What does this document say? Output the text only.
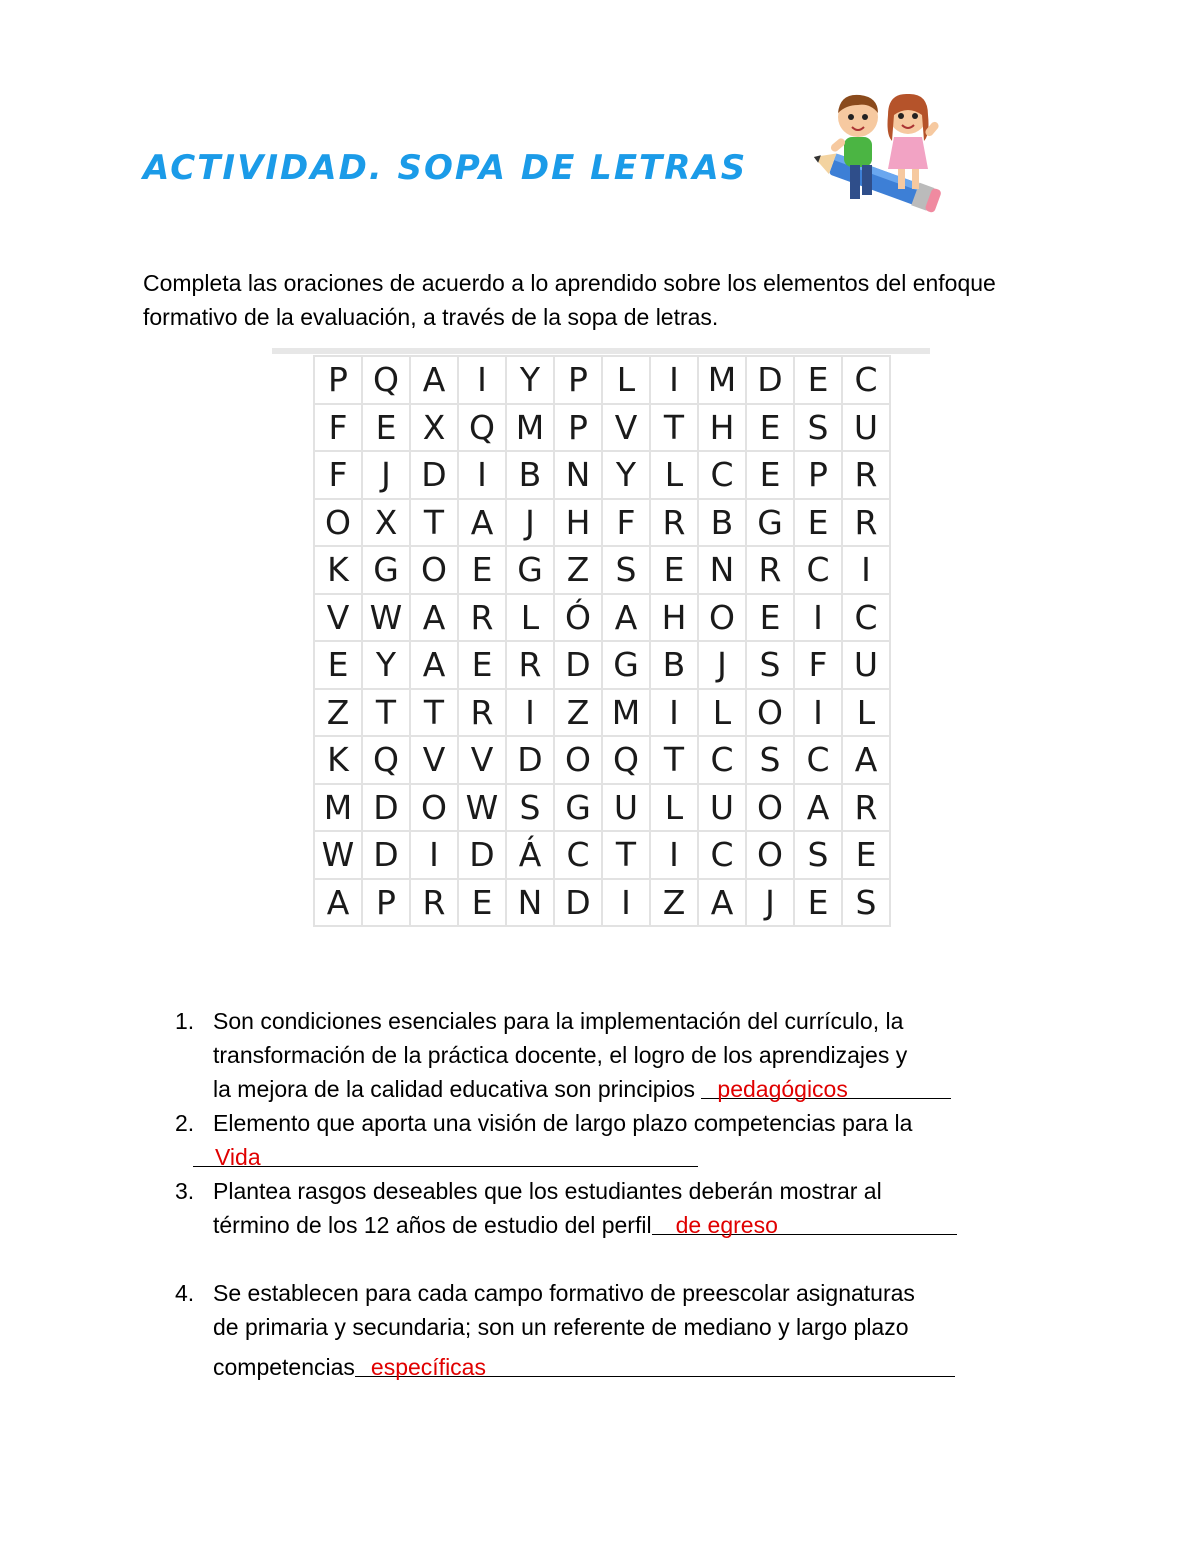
ACTIVIDAD. SOPA DE LETRAS

Completa las oraciones de acuerdo a lo aprendido sobre los elementos del enfoque formativo de la evaluación, a través de la sopa de letras.

P Q A I	Y P L	I M D E C
F E X Q M P V T H E S U
F	J D I B N Y L C E P R
O X T A J H F R B G E R
K G O E G Z S E N R C I
V W A R L Ó A H O E I C
E Y A E R D G B J S F U
Z T T R I Z M I	L O I	L
K Q V V D O Q T C S C A
M D O W S G U L U O A R
W D I D Á C T	I C O S E
A P R E N D I Z A J E S
1. Son condiciones esenciales para la implementación del currículo, la
transformación de la práctica docente, el logro de los aprendizajes y
la mejora de la calidad educativa son principios pedagógicos
2. Elemento que aporta una visión de largo plazo competencias para la
Vida
3. Plantea rasgos deseables que los estudiantes deberán mostrar al
término de los 12 años de estudio del perfil de egreso
4. Se establecen para cada campo formativo de preescolar asignaturas
de primaria y secundaria; son un referente de mediano y largo plazo
competencias específicas
